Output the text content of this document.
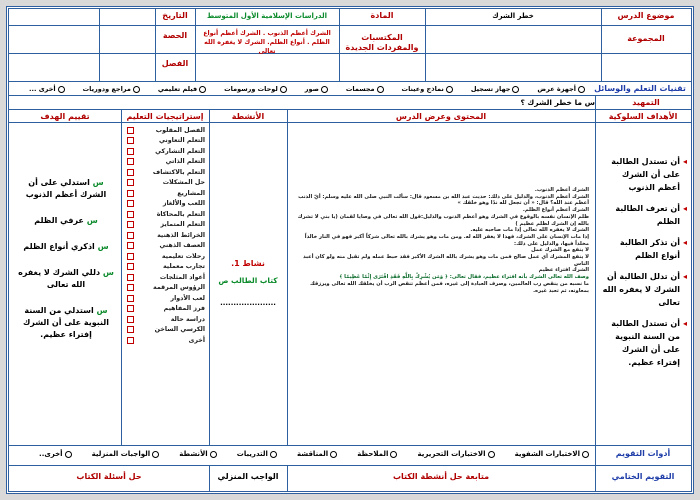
موضوع الدرس
خطر الشرك
المادة
الدراسات الإسلامية الأول المتوسط
التاريخ
المجموعة
المكتسبات والمفردات الجديدة
الشرك أعظم الذنوب . الشرك أعظم أنواع الظلم . أنواع الظلم. الشرك لا يغفره الله تعالى
الحصة
الفصل
تقنيات التعلم والوسائل
أجهزة عرض
جهاز تسجيل
نماذج وعينات
مجسمات
صور
لوحات ورسومات
فيلم تعليمي
مراجع ودوريات
أخرى ...
التمهيد
س ما خطر الشرك ؟
الأهداف السلوكية
المحتوى وعرض الدرس
الأنشطة
إستراتيجيات التعليم
تقييم الهدف
◂
أن تستدل الطالبة على أن الشرك أعظم الذنوب
◂
أن تعرف الطالبة الظلم
◂
أن تذكر الطالبة أنواع الظلم
◂
أن تدلل الطالبة أن الشرك لا يغفره الله تعالى
◂
أن تستدل الطالبة من السنة النبوية على أن الشرك إفتراء عظيم.
الشرك أعظم الذنوب.
الشرك أعظم الذنوب، والدليل على ذلك: حديث عبد الله بن مسعود قال: سألت النبي صلى الله عليه وسلم: أيّ الذنب أعظم عند الله؟ قال: « أن تجعل لله ندًا وهو خلقك »
الشرك أعظم أنواع الظلم.
ظلم الإنسان نفسه بالوقوع في الشرك وهو أعظم الذنوب والدليل:قول الله تعالى في وصايا لقمان (يا بني لا تشرك بالله إن الشرك لظلم عظيم )
الشرك لا يغفره الله تعالى إذا مات صاحبه عليه.
إذا مات الإنسان على الشرك، فهذا لا يغفر الله له. ومن مات وهو يشرك بالله تعالى شركاً أكبر فهو في النار خالداً مخلداً فيها، والدليل على ذلك:
لا ينفع مع الشرك عمل
لا ينفع المشرك أي عمل صالح فمن مات وهو يشرك بالله الشرك الأكبر فقد حبط عمله ولم تقبل منه ولو كان أعبد الناس
الشرك افتراء عظيم
وصف الله تعالى الشرك بأنه افتراء عظيم، فقال تعالى: ﴿ وَمَن يُشْرِكْ بِاللَّهِ فَقَدِ افْتَرَى إِثْمًا عَظِيمًا ﴾
ما نسبه من ينقص رب العالمين، وصرف العبادة إلى غيره، فمن أعظم تنقص الرب أن يخلقك الله تعالى ويرزقك بمعاونه، ثم تعبد غيره.
نشاط 1.
كتاب الطالب ص
.....................
الفصل المقلوب
التعلم التعاوني
التعلم التشاركي
التعلم الذاتي
التعلم بالاكتشاف
حل المشكلات
المشاريع
اللعب والألغاز
التعلم بالمحاكاة
التعلم المتمايز
الخرائط الذهنية
العصف الذهني
رحلات تعليمية
تجارب معملية
أعواد المثلجات
الرؤوس المرقمة
لعب الأدوار
فرز المفاهيم
دراسة حالة
الكرسي الساخن
أخرى
س استدلي على أن الشرك أعظم الذنوب
س عرفي الظلم
س اذكري أنواع الظلم
س دللي الشرك لا يغفره الله تعالى
س استدلي من السنة النبوية على أن الشرك إفتراء عظيم.
أدوات التقويم
الاختبارات الشفوية
الاختبارات التحريرية
الملاحظة
المناقشة
التدريبات
الأنشطة
الواجبات المنزلية
أخرى..
التقويم الختامي
متابعة حل أنشطة الكتاب
الواجب المنزلي
حل أسئلة الكتاب
